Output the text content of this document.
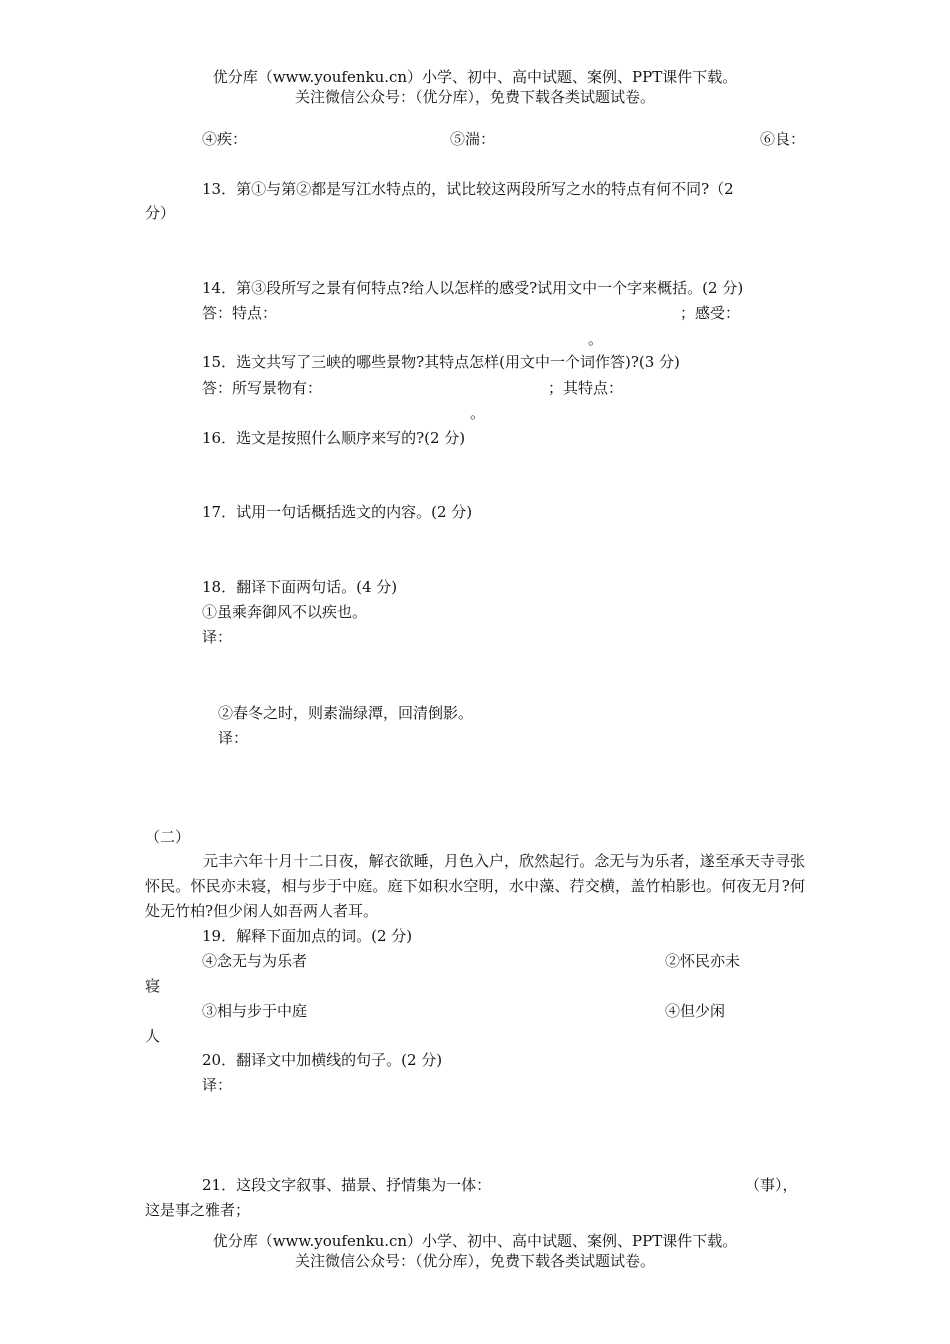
优分库（www.youfenku.cn）小学、初中、高中试题、案例、PPT课件下载。
关注微信公众号：（优分库），免费下载各类试题试卷。
④疾：	⑤湍：	⑥良：
13．第①与第②都是写江水特点的，试比较这两段所写之水的特点有何不同?（2
分）
14．第③段所写之景有何特点?给人以怎样的感受?试用文中一个字来概括。(2 分)
答：特点：	；感受：
。
15．选文共写了三峡的哪些景物?其特点怎样(用文中一个词作答)?(3 分)
答：所写景物有：	；其特点：
。
16．选文是按照什么顺序来写的?(2 分)
17．试用一句话概括选文的内容。(2 分)
18．翻译下面两句话。(4 分)
①虽乘奔御风不以疾也。
译：
②春冬之时，则素湍绿潭，回清倒影。
译：
（二）
元丰六年十月十二日夜，解衣欲睡，月色入户，欣然起行。念无与为乐者，遂至承天寺寻张怀民。怀民亦未寝，相与步于中庭。庭下如积水空明，水中藻、荇交横，盖竹柏影也。何夜无月?何处无竹柏?但少闲人如吾两人者耳。
19．解释下面加点的词。(2 分)
④念无与为乐者	②怀民亦未
寝
③相与步于中庭	④但少闲
人
20．翻译文中加横线的句子。(2 分)
译：
21．这段文字叙事、描景、抒情集为一体：	（事），
这是事之雅者；
优分库（www.youfenku.cn）小学、初中、高中试题、案例、PPT课件下载。
关注微信公众号：（优分库），免费下载各类试题试卷。
